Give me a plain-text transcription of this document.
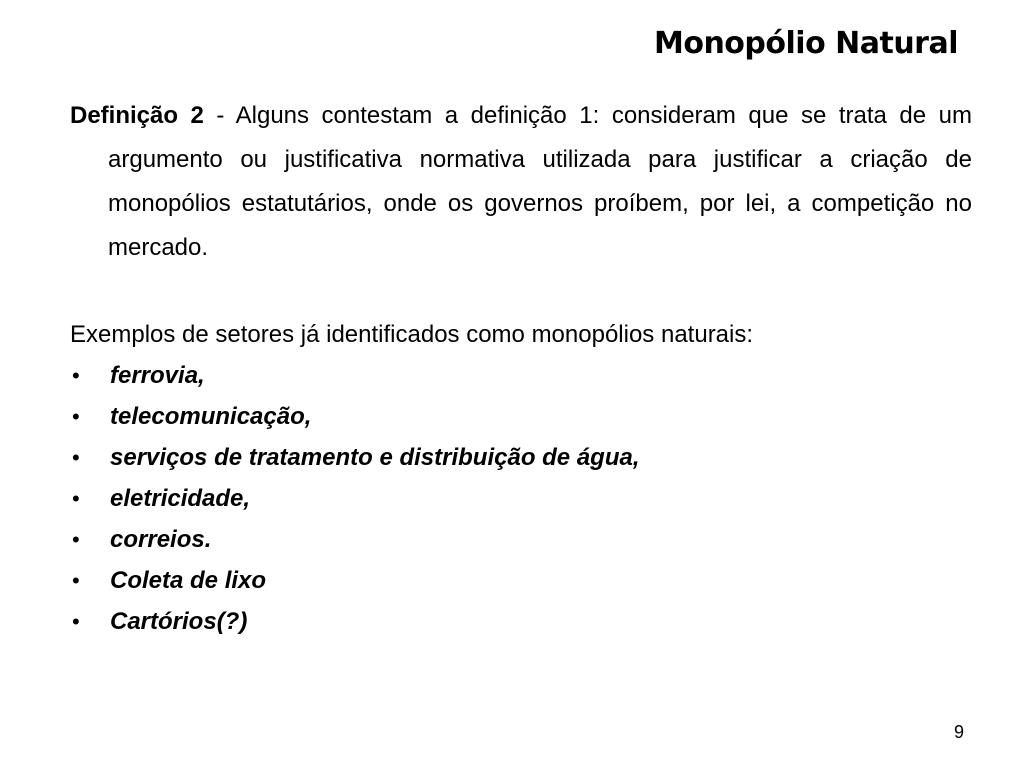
Monopólio Natural

Definição 2 - Alguns contestam a definição 1: consideram que se trata de um argumento ou justificativa normativa utilizada para justificar a criação de monopólios estatutários, onde os governos proíbem, por lei, a competição no mercado.

Exemplos de setores já identificados como monopólios naturais:
• ferrovia,
• telecomunicação,
• serviços de tratamento e distribuição de água,
• eletricidade,
• correios.
• Coleta de lixo
• Cartórios(?)
9
